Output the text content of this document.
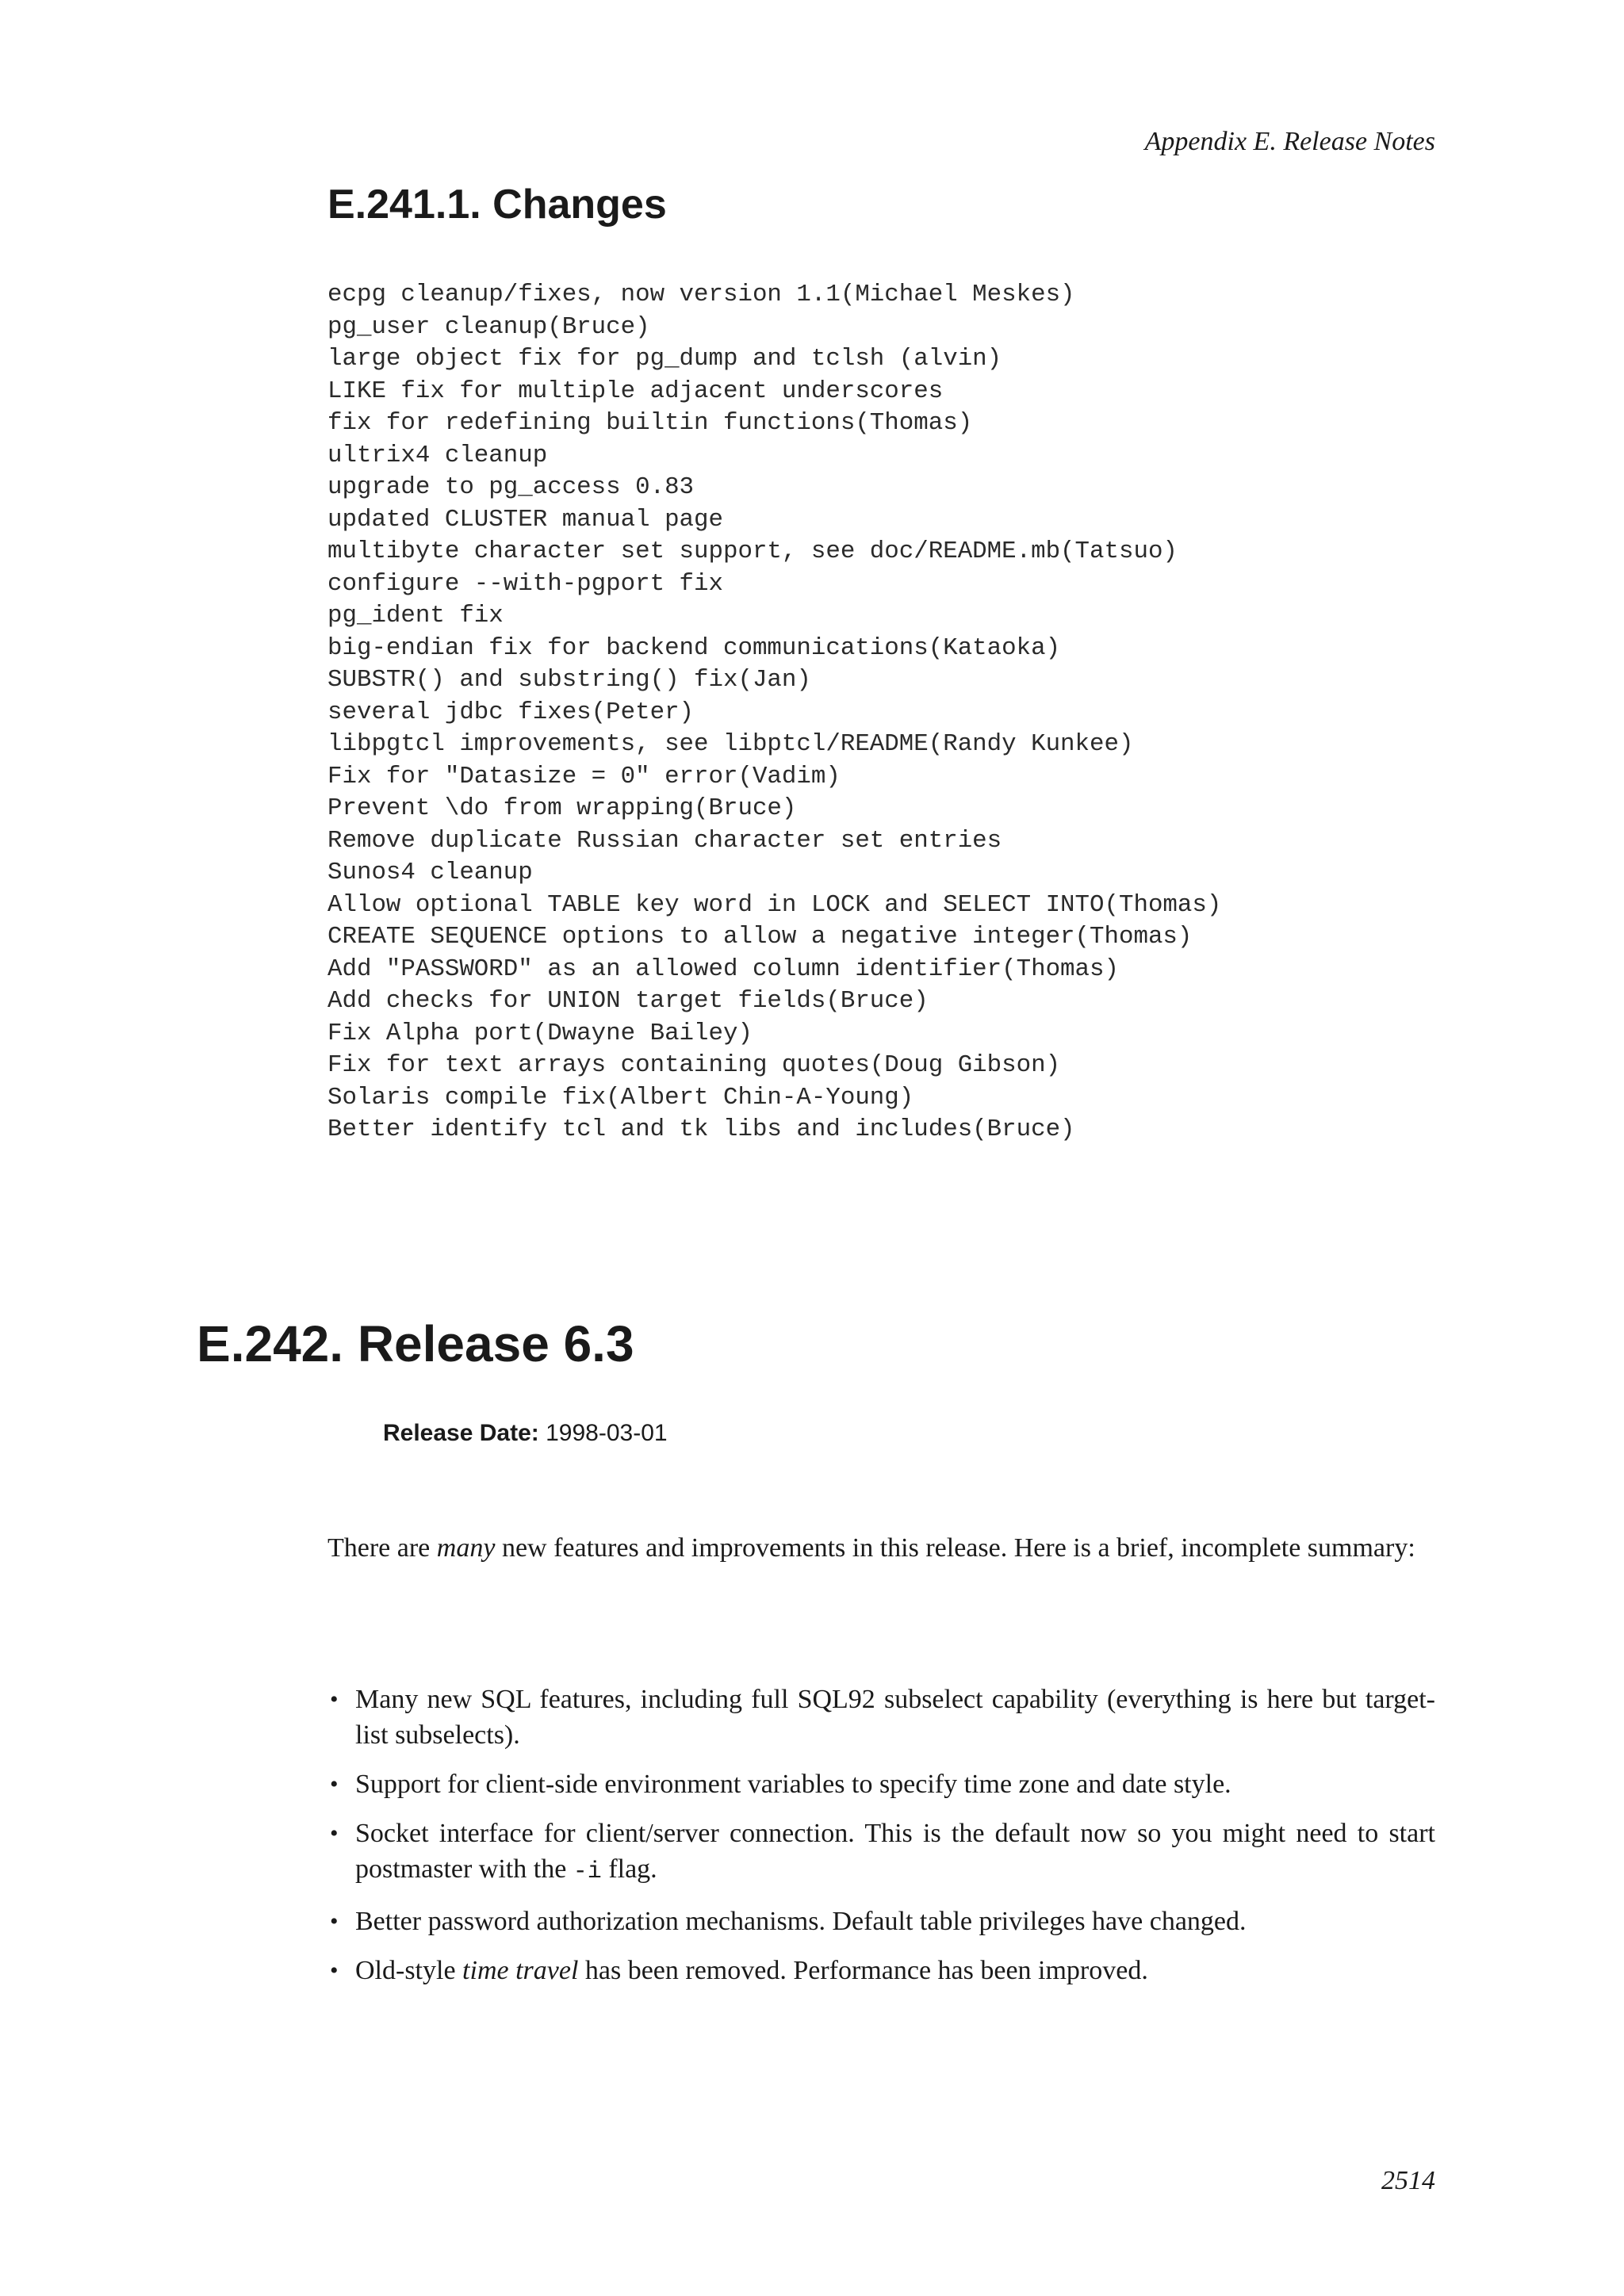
Appendix E. Release Notes
E.241.1. Changes
ecpg cleanup/fixes, now version 1.1(Michael Meskes)
pg_user cleanup(Bruce)
large object fix for pg_dump and tclsh (alvin)
LIKE fix for multiple adjacent underscores
fix for redefining builtin functions(Thomas)
ultrix4 cleanup
upgrade to pg_access 0.83
updated CLUSTER manual page
multibyte character set support, see doc/README.mb(Tatsuo)
configure --with-pgport fix
pg_ident fix
big-endian fix for backend communications(Kataoka)
SUBSTR() and substring() fix(Jan)
several jdbc fixes(Peter)
libpgtcl improvements, see libptcl/README(Randy Kunkee)
Fix for "Datasize = 0" error(Vadim)
Prevent \do from wrapping(Bruce)
Remove duplicate Russian character set entries
Sunos4 cleanup
Allow optional TABLE key word in LOCK and SELECT INTO(Thomas)
CREATE SEQUENCE options to allow a negative integer(Thomas)
Add "PASSWORD" as an allowed column identifier(Thomas)
Add checks for UNION target fields(Bruce)
Fix Alpha port(Dwayne Bailey)
Fix for text arrays containing quotes(Doug Gibson)
Solaris compile fix(Albert Chin-A-Young)
Better identify tcl and tk libs and includes(Bruce)
E.242. Release 6.3
Release Date: 1998-03-01

There are many new features and improvements in this release. Here is a brief, incomplete summary:

• Many new SQL features, including full SQL92 subselect capability (everything is here but target-list subselects).
• Support for client-side environment variables to specify time zone and date style.
• Socket interface for client/server connection. This is the default now so you might need to start postmaster with the -i flag.
• Better password authorization mechanisms. Default table privileges have changed.
• Old-style time travel has been removed. Performance has been improved.
2514
